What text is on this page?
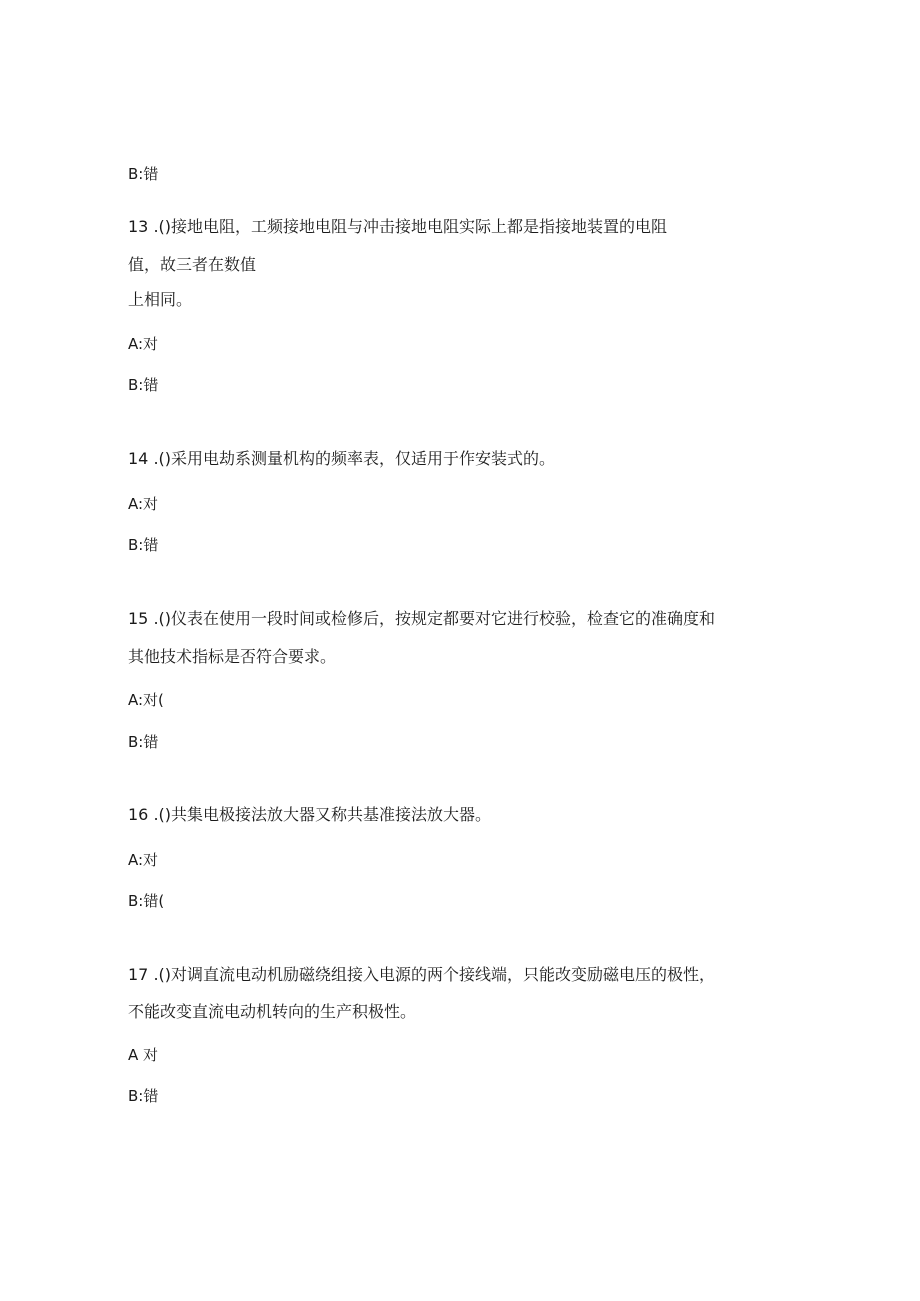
B:错
13 .()接地电阻，工频接地电阻与冲击接地电阻实际上都是指接地装置的电阻
值，故三者在数值
上相同。
A:对
B:错
14 .()采用电劫系测量机构的频率表，仅适用于作安装式的。
A:对
B:错
15 .()仪表在使用一段时间或检修后，按规定都要对它进行校验，检查它的准确度和
其他技术指标是否符合要求。
A:对(
B:错
16 .()共集电极接法放大器又称共基准接法放大器。
A:对
B:错(
17 .()对调直流电动机励磁绕组接入电源的两个接线端，只能改变励磁电压的极性，
不能改变直流电动机转向的生产积极性。
A 对
B:错
